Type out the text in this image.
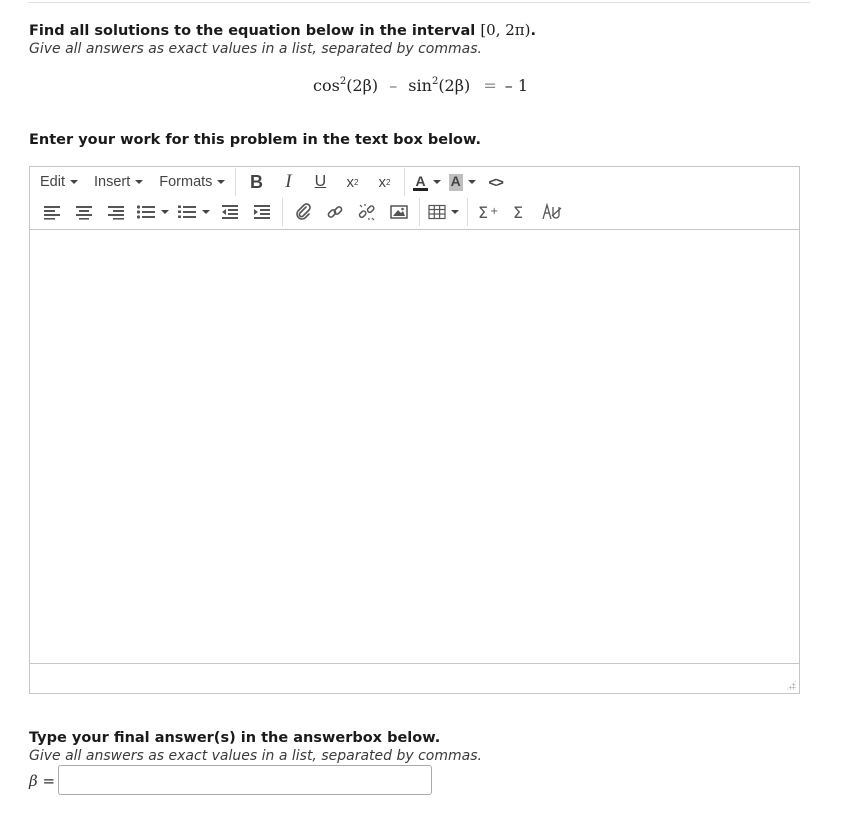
Find all solutions to the equation below in the interval [0, 2π).
Give all answers as exact values in a list, separated by commas.
$\cos^2(2\beta) - \sin^2(2\beta)$ = – 1
Enter your work for this problem in the text box below.
Edit Insert Formats	B	I	U	x 2 x 2 A A	<>
Σ + Σ
Type your final answer(s) in the answerbox below.
Give all answers as exact values in a list, separated by commas.
β =
